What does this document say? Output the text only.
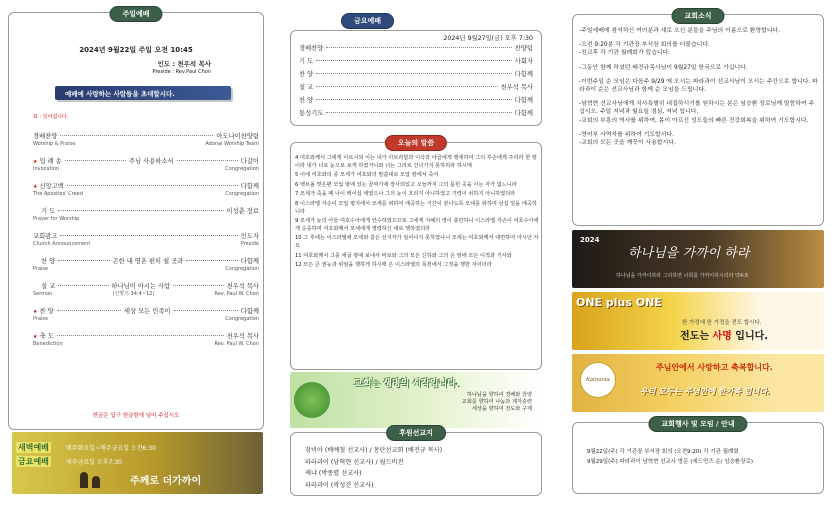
주일예배
2024년 9월22일 주일 오전 10:45
인도 : 천우석 목사
Preside : Rev.Paul Chon
예배에 사랑하는 사람들을 초대합시다.
표 : 일어섭니다.
경배찬양	아도나이찬양팀
Worship & Praise	Adonai Worship Team
★ 입 례 송	주님 사용하소서	다같이
Invocation	Congregation
★ 신앙고백	다함께
The Apostles' Creed	Congregation
기 도	이성춘 장로
Prayer for Worship
교회광고	인도자
Church Announcement	Preside
찬 양	곤한 내 영혼 편히 쉴 곳과	다함께
Praise	Congregation
설 교	하나님이 아시는 사람	천우석 목사
Sermon	(신명기 34:4~12)	Rev. Paul W. Chon
★ 찬 양	세상 모든 민족이	다함께
Praise	Congregation
★ 축 도	천우석 목사
Benediction	Rev. Paul W. Chon
헌금은 입구 헌금함에 넣어 주십시오
새벽예배	매주화요일~매주금요일 오전6:30
금요예배	매주금요일 오후7:30
주께로 더가까이
금요예배
2024년 9월27일(금) 오후 7:30
경배찬양	찬양팀
기 도	사회자
찬 양	다함께
설 교	천우석 목사
찬 양	다함께
통성기도	다함께
오늘의 말씀
4 여호와께서 그에게 이르시되 이는 내가 아브라함과 이삭과 야곱에게 맹세하여 그의 후손에게 주리라 한 땅이라 내가 너로 눈으로 보게 하였거니와 너는 그리로 건너가지 못하리라 하시매
5 이에 여호와의 종 모세가 여호와의 말씀대로 모압 땅에서 죽어
6 벳브올 맞은편 모압 땅에 있는 골짜기에 장사되었고 오늘까지 그의 묻힌 곳을 아는 자가 없느니라
7 모세가 죽을 때 나이 백이십 세였으나 그의 눈이 흐리지 아니하였고 기력이 쇠하지 아니하였더라
8 이스라엘 자손이 모압 평지에서 모세를 위하여 애곡하는 기간이 끝나도록 모세를 위하여 삼십 일을 애곡하니라
9 모세가 눈의 아들 여호수아에게 안수하였으므로 그에게 지혜의 영이 충만하니 이스라엘 자손이 여호수아에게 순종하며 여호와께서 모세에게 명령하신 대로 행하였더라
10 그 후에는 이스라엘에 모세와 같은 선지자가 일어나지 못하였나니 모세는 여호와께서 대면하여 아시던 자요
11 여호와께서 그를 애굽 땅에 보내사 바로와 그의 모든 신하와 그의 온 땅에 모든 이적과 기사와
12 모든 큰 권능과 위엄을 행하게 하시매 온 이스라엘의 목전에서 그것을 행한 자이더라
교회는 생명의 시작입니다.
하나님을 향하여 경배와 찬양
교회를 향하여 나눔과 제자훈련
세상을 향하여 전도와 구제
후원선교지
잠비아 (배예철 선교사) / 몽탄선교회 (배진규 목사)
파라과이 (남혁현 선교사) / 월드비전
케냐 (박종렬 선교사)
파라과이 (곽성진 선교사)
교회소식

-주일예배에 참석하신 여러분과 새로 오신 분들을 주님의 이름으로 환영합니다.

-오전 9:20분 각 기관장 부서장 회의를 더불습니다.

-친교후 각 기관 월례회가 있습니다.

-그동안 함께 하셨던 배진규목사님이 9월27일 한국으로 가십니다.

-이번주일 순 모임은 다음주 9/29 에 오시는 파라과이 선교사님이 오시는 주간으로 합니다. 파라과이 순은 선교사님과 함께 순 모임을 드립니다.

-남혁현 선교사님에게 식사특별히 대접하시기를 원하시는 분은 임승환 장로님께 말씀하여 주십시오. 주일 저녁과 월요일 점심, 저녁 입니다.

-교회의 부흥의 역사를 위하여, 몸이 아프신 성도들의 빠른 건강회복을 위하여 기도합시다.

-영어부 사역자를 위하여 기도합시다.

-교회의 모든 곳을 깨끗이 사용합시다.

2024
하나님을 가까이 하라
하나님을 가까이하라 그리하면 너희를 가까이하시리라 약4:8
ONE plus ONE
한 가정에 한 가정을 전도 합시다.
전도는 사명 입니다.
Koinonia
주님안에서 사랑하고 축복합니다.
우리 모두는 주님안에 한가족 입니다.
교회행사 및 모임 / 안내
9월22일(주) 각 기관장 부서장 회의 (오전9:20) 각 기관 월례회
9월29일(주) 파라과이 남혁현 선교사 방문 (예드먼즈 순/ 임승환장로)
